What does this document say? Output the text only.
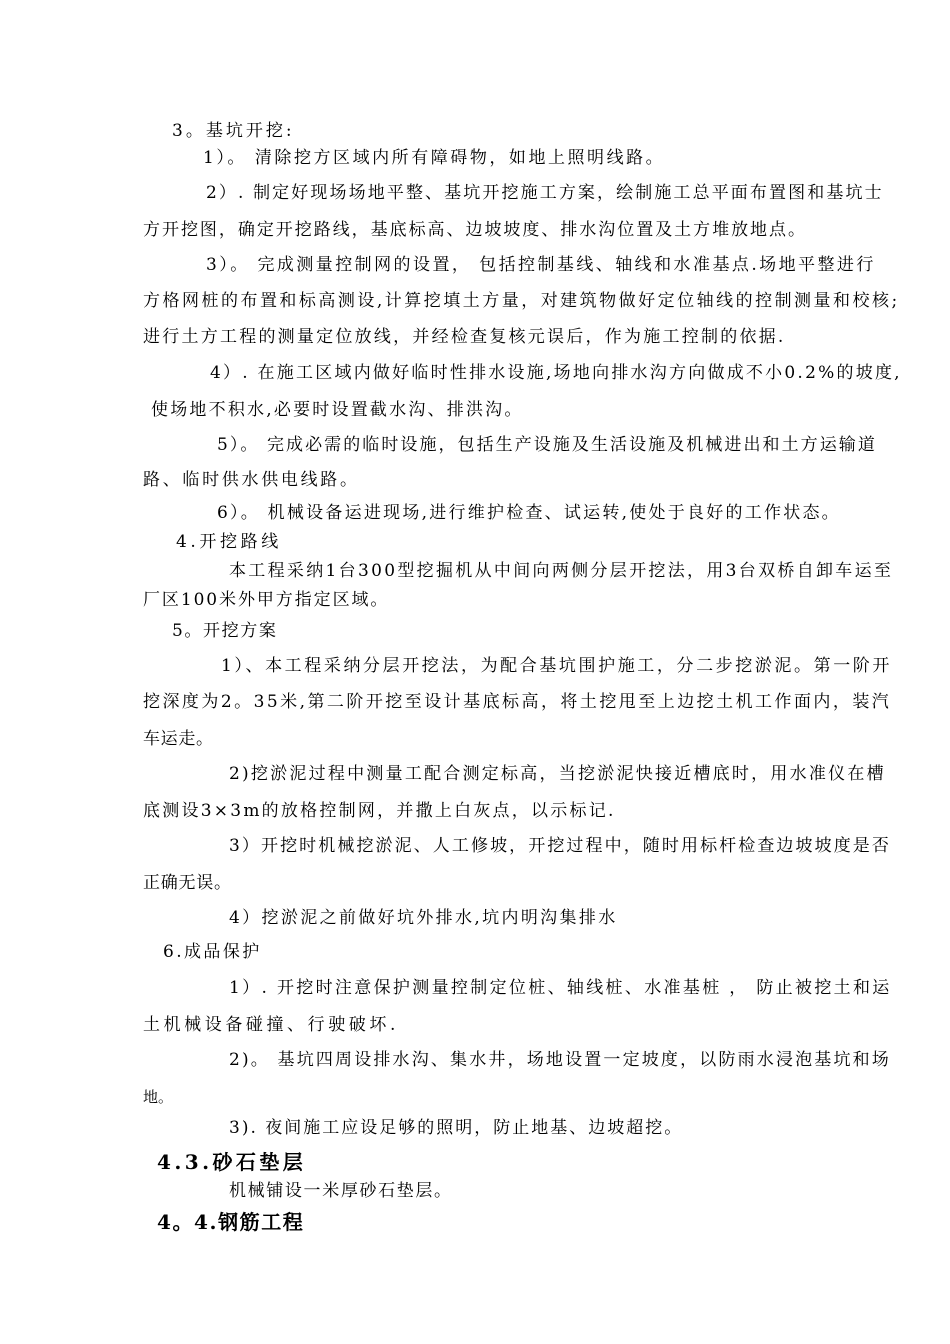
3。基坑开挖:
1）。 清除挖方区域内所有障碍物，如地上照明线路。
2）. 制定好现场场地平整、基坑开挖施工方案，绘制施工总平面布置图和基坑士
方开挖图，确定开挖路线，基底标高、边坡坡度、排水沟位置及土方堆放地点。
3）。 完成测量控制网的设置， 包括控制基线、轴线和水准基点.场地平整进行
方格网桩的布置和标高测设,计算挖填土方量，对建筑物做好定位轴线的控制测量和校核;
进行土方工程的测量定位放线，并经检查复核元误后，作为施工控制的依据.
4）. 在施工区域内做好临时性排水设施,场地向排水沟方向做成不小0.2%的坡度,
使场地不积水,必要时设置截水沟、排洪沟。
5）。 完成必需的临时设施，包括生产设施及生活设施及机械进出和土方运输道
路、临时供水供电线路。
6）。 机械设备运进现场,进行维护检查、试运转,使处于良好的工作状态。
4.开挖路线
本工程采纳1台300型挖掘机从中间向两侧分层开挖法，用3台双桥自卸车运至
厂区100米外甲方指定区域。
5。开挖方案
1）、本工程采纳分层开挖法，为配合基坑围护施工，分二步挖淤泥。第一阶开
挖深度为2。35米,第二阶开挖至设计基底标高，将土挖甩至上边挖土机工作面内，装汽
车运走。
2)挖淤泥过程中测量工配合测定标高，当挖淤泥快接近槽底时，用水准仪在槽
底测设3×3m的放格控制网，并撒上白灰点，以示标记.
3）开挖时机械挖淤泥、人工修坡，开挖过程中，随时用标杆检查边坡坡度是否
正确无误。
4）挖淤泥之前做好坑外排水,坑内明沟集排水
6.成品保护
1）. 开挖时注意保护测量控制定位桩、轴线桩、水准基桩 ， 防止被挖土和运
土机械设备碰撞、行驶破坏.
2)。 基坑四周设排水沟、集水井，场地设置一定坡度，以防雨水浸泡基坑和场
地。
3). 夜间施工应设足够的照明，防止地基、边坡超挖。
4.3.砂石垫层
机械铺设一米厚砂石垫层。
4。4.钢筋工程
